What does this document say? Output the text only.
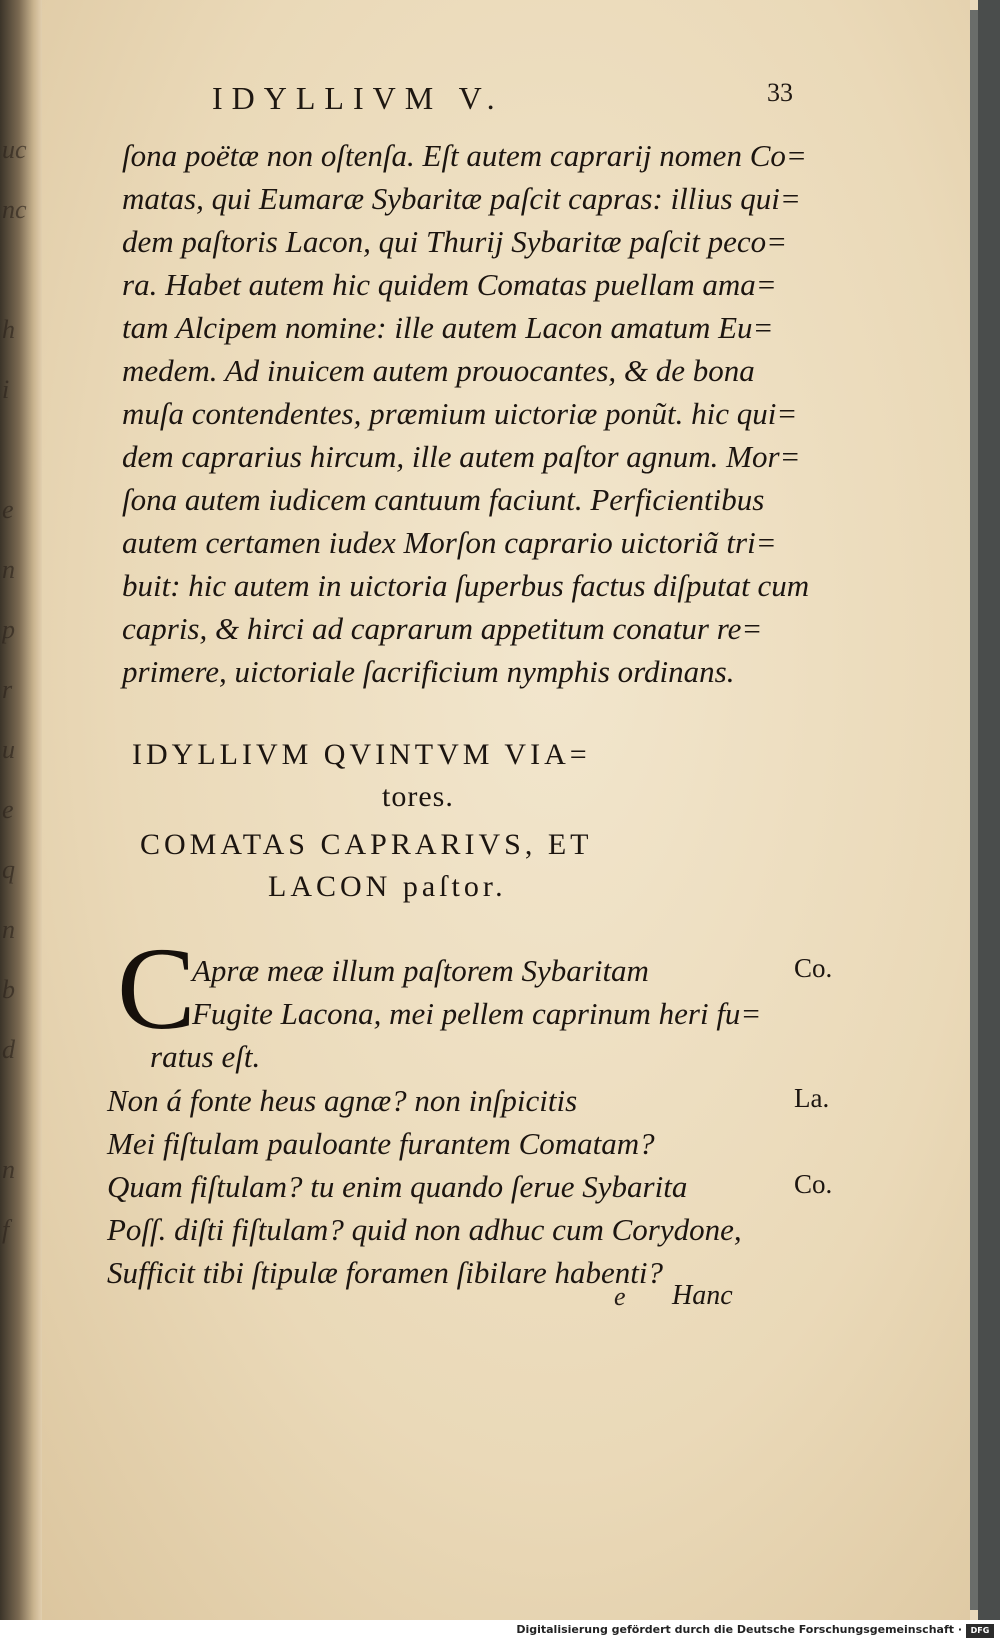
uc
nc

h
i

e
n
p
r
u
e
q
n
b
d

n
f
IDYLLIVM V.	33
ſona poëtæ non oſtenſa. Eſt autem caprarij nomen Co=
matas, qui Eumaræ Sybaritæ paſcit capras: illius qui=
dem paſtoris Lacon, qui Thurij Sybaritæ paſcit peco=
ra. Habet autem hic quidem Comatas puellam ama=
tam Alcipem nomine: ille autem Lacon amatum Eu=
medem. Ad inuicem autem prouocantes, & de bona
muſa contendentes, præmium uictoriæ ponũt. hic qui=
dem caprarius hircum, ille autem paſtor agnum. Mor=
ſona autem iudicem cantuum faciunt. Perficientibus
autem certamen iudex Morſon caprario uictoriã tri=
buit: hic autem in uictoria ſuperbus factus diſputat cum
capris, & hirci ad caprarum appetitum conatur re=
primere, uictoriale ſacrificium nymphis ordinans.
IDYLLIVM QVINTVM VIA=
tores.
COMATAS CAPRARIVS, ET
LACON paſtor.
C
Apræ meæ illum paſtorem Sybaritam	Co.
Fugite Lacona, mei pellem caprinum heri fu=
ratus eſt.
Non á fonte heus agnæ? non inſpicitis	La.
Mei fiſtulam pauloante furantem Comatam?
Quam fiſtulam? tu enim quando ſerue Sybarita	Co.
Poſſ. diſti fiſtulam? quid non adhuc cum Corydone,
Sufficit tibi ſtipulæ foramen ſibilare habenti?
e Hanc
Digitalisierung gefördert durch die Deutsche Forschungsgemeinschaft ·	DFG
